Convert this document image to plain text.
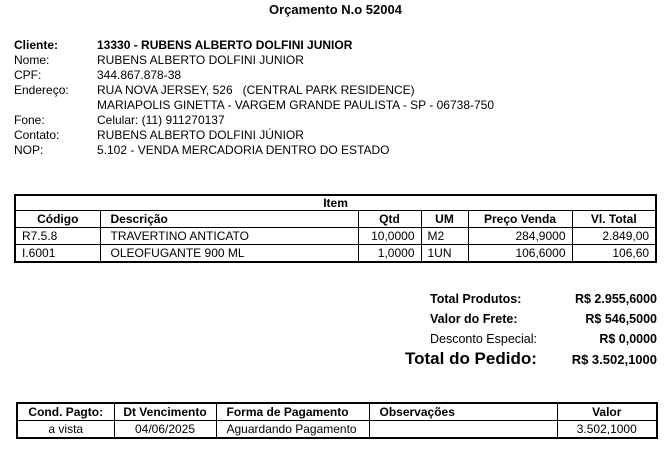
Orçamento N.o 52004
Cliente:	13330 - RUBENS ALBERTO DOLFINI JUNIOR
Nome:	RUBENS ALBERTO DOLFINI JUNIOR
CPF:	344.867.878-38
Endereço:	RUA NOVA JERSEY, 526   (CENTRAL PARK RESIDENCE)
MARIAPOLIS GINETTA - VARGEM GRANDE PAULISTA - SP - 06738-750
Fone:	Celular: (11) 911270137
Contato:	RUBENS ALBERTO DOLFINI JÚNIOR
NOP:	5.102 - VENDA MERCADORIA DENTRO DO ESTADO
Item					
Código	Descrição	Qtd	UM	Preço Venda	Vl. Total
R7.5.8	TRAVERTINO ANTICATO	10,0000	M2	284,9000	2.849,00
I.6001	OLEOFUGANTE 900 ML	1,0000	1UN	106,6000	106,60
Total Produtos:	R$ 2.955,6000
Valor do Frete:	R$ 546,5000
Desconto Especial:	R$ 0,0000
Total do Pedido:	R$ 3.502,1000
Cond. Pagto:	Dt Vencimento	Forma de Pagamento	Observações	Valor
a vista	04/06/2025	Aguardando Pagamento		3.502,1000
